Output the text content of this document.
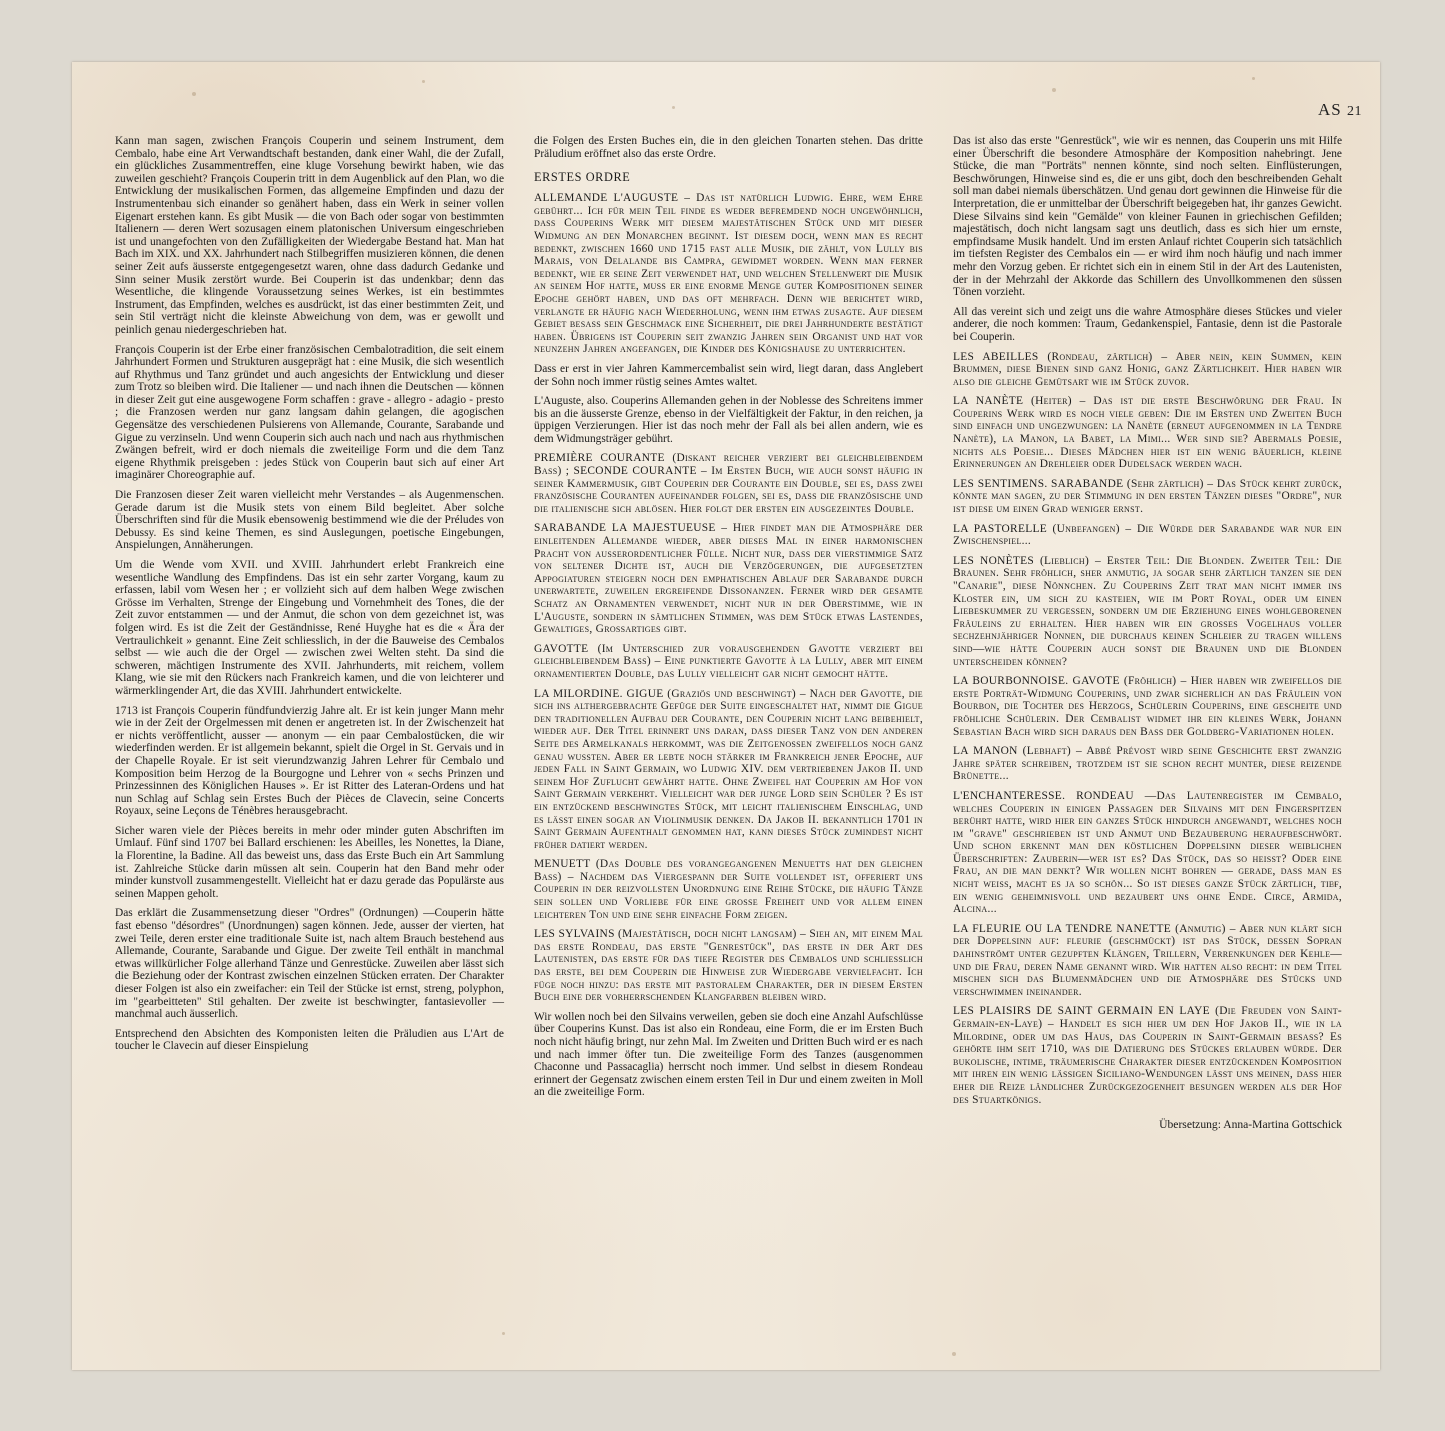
AS 21

Kann man sagen, zwischen François Couperin und seinem Instrument, dem Cembalo, habe eine Art Verwandtschaft bestanden, dank einer Wahl, die der Zufall, ein glückliches Zusammentreffen, eine kluge Vorsehung bewirkt haben, wie das zuweilen geschieht? François Couperin tritt in dem Augenblick auf den Plan, wo die Entwicklung der musikalischen Formen, das allgemeine Empfinden und dazu der Instrumentenbau sich einander so genähert haben, dass ein Werk in seiner vollen Eigenart erstehen kann. Es gibt Musik — die von Bach oder sogar von bestimmten Italienern — deren Wert sozusagen einem platonischen Universum eingeschrieben ist und unangefochten von den Zufälligkeiten der Wiedergabe Bestand hat. Man hat Bach im XIX. und XX. Jahrhundert nach Stilbegriffen musizieren können, die denen seiner Zeit aufs äusserste entgegengesetzt waren, ohne dass dadurch Gedanke und Sinn seiner Musik zerstört wurde. Bei Couperin ist das undenkbar; denn das Wesentliche, die klingende Voraussetzung seines Werkes, ist ein bestimmtes Instrument, das Empfinden, welches es ausdrückt, ist das einer bestimmten Zeit, und sein Stil verträgt nicht die kleinste Abweichung von dem, was er gewollt und peinlich genau niedergeschrieben hat.

François Couperin ist der Erbe einer französischen Cembalotradition, die seit einem Jahrhundert Formen und Strukturen ausgeprägt hat : eine Musik, die sich wesentlich auf Rhythmus und Tanz gründet und auch angesichts der Entwicklung und dieser zum Trotz so bleiben wird. Die Italiener — und nach ihnen die Deutschen — können in dieser Zeit gut eine ausgewogene Form schaffen : grave - allegro - adagio - presto ; die Franzosen werden nur ganz langsam dahin gelangen, die agogischen Gegensätze des verschiedenen Pulsierens von Allemande, Courante, Sarabande und Gigue zu verzinseln. Und wenn Couperin sich auch nach und nach aus rhythmischen Zwängen befreit, wird er doch niemals die zweiteilige Form und die dem Tanz eigene Rhythmik preisgeben : jedes Stück von Couperin baut sich auf einer Art imaginärer Choreographie auf.

Die Franzosen dieser Zeit waren vielleicht mehr Verstandes – als Augenmenschen. Gerade darum ist die Musik stets von einem Bild begleitet. Aber solche Überschriften sind für die Musik ebensowenig bestimmend wie die der Préludes von Debussy. Es sind keine Themen, es sind Auslegungen, poetische Eingebungen, Anspielungen, Annäherungen.

Um die Wende vom XVII. und XVIII. Jahrhundert erlebt Frankreich eine wesentliche Wandlung des Empfindens. Das ist ein sehr zarter Vorgang, kaum zu erfassen, labil vom Wesen her ; er vollzieht sich auf dem halben Wege zwischen Grösse im Verhalten, Strenge der Eingebung und Vornehmheit des Tones, die der Zeit zuvor entstammen — und der Anmut, die schon von dem gezeichnet ist, was folgen wird. Es ist die Zeit der Geständnisse, René Huyghe hat es die « Ära der Vertraulichkeit » genannt. Eine Zeit schliesslich, in der die Bauweise des Cembalos selbst — wie auch die der Orgel — zwischen zwei Welten steht. Da sind die schweren, mächtigen Instrumente des XVII. Jahrhunderts, mit reichem, vollem Klang, wie sie mit den Rückers nach Frankreich kamen, und die von leichterer und wärmerklingender Art, die das XVIII. Jahrhundert entwickelte.

1713 ist François Couperin fündfundvierzig Jahre alt. Er ist kein junger Mann mehr wie in der Zeit der Orgelmessen mit denen er angetreten ist. In der Zwischenzeit hat er nichts veröffentlicht, ausser — anonym — ein paar Cembalostücken, die wir wiederfinden werden. Er ist allgemein bekannt, spielt die Orgel in St. Gervais und in der Chapelle Royale. Er ist seit vierundzwanzig Jahren Lehrer für Cembalo und Komposition beim Herzog de la Bourgogne und Lehrer von « sechs Prinzen und Prinzessinnen des Königlichen Hauses ». Er ist Ritter des Lateran-Ordens und hat nun Schlag auf Schlag sein Erstes Buch der Pièces de Clavecin, seine Concerts Royaux, seine Leçons de Ténèbres herausgebracht.

Sicher waren viele der Pièces bereits in mehr oder minder guten Abschriften im Umlauf. Fünf sind 1707 bei Ballard erschienen: les Abeilles, les Nonettes, la Diane, la Florentine, la Badine. All das beweist uns, dass das Erste Buch ein Art Sammlung ist. Zahlreiche Stücke darin müssen alt sein. Couperin hat den Band mehr oder minder kunstvoll zusammengestellt. Vielleicht hat er dazu gerade das Populärste aus seinen Mappen geholt.

Das erklärt die Zusammensetzung dieser "Ordres" (Ordnungen) —Couperin hätte fast ebenso "désordres" (Unordnungen) sagen können. Jede, ausser der vierten, hat zwei Teile, deren erster eine traditionale Suite ist, nach altem Brauch bestehend aus Allemande, Courante, Sarabande und Gigue. Der zweite Teil enthält in manchmal etwas willkürlicher Folge allerhand Tänze und Genrestücke. Zuweilen aber lässt sich die Beziehung oder der Kontrast zwischen einzelnen Stücken erraten. Der Charakter dieser Folgen ist also ein zweifacher: ein Teil der Stücke ist ernst, streng, polyphon, im "gearbeitteten" Stil gehalten. Der zweite ist beschwingter, fantasievoller — manchmal auch äusserlich.

Entsprechend den Absichten des Komponisten leiten die Präludien aus L'Art de toucher le Clavecin auf dieser Einspielung

die Folgen des Ersten Buches ein, die in den gleichen Tonarten stehen. Das dritte Präludium eröffnet also das erste Ordre.

ERSTES ORDRE

ALLEMANDE L'AUGUSTE – Das ist natürlich Ludwig. Ehre, wem Ehre gebührt... Ich für mein Teil finde es weder befremdend noch ungewöhnlich, dass Couperins Werk mit diesem majestätischen Stück und mit dieser Widmung an den Monarchen beginnt. Ist diesem doch, wenn man es recht bedenkt, zwischen 1660 und 1715 fast alle Musik, die zählt, von Lully bis Marais, von Delalande bis Campra, gewidmet worden. Wenn man ferner bedenkt, wie er seine Zeit verwendet hat, und welchen Stellenwert die Musik an seinem Hof hatte, muss er eine enorme Menge guter Kompositionen seiner Epoche gehört haben, und das oft mehrfach. Denn wie berichtet wird, verlangte er häufig nach Wiederholung, wenn ihm etwas zusagte. Auf diesem Gebiet besass sein Geschmack eine Sicherheit, die drei Jahrhunderte bestätigt haben. Übrigens ist Couperin seit zwanzig Jahren sein Organist und hat vor neunzehn Jahren angefangen, die Kinder des Königshause zu unterrichten.

Dass er erst in vier Jahren Kammercembalist sein wird, liegt daran, dass Anglebert der Sohn noch immer rüstig seines Amtes waltet.

L'Auguste, also. Couperins Allemanden gehen in der Noblesse des Schreitens immer bis an die äusserste Grenze, ebenso in der Vielfältigkeit der Faktur, in den reichen, ja üppigen Verzierungen. Hier ist das noch mehr der Fall als bei allen andern, wie es dem Widmungsträger gebührt.

PREMIÈRE COURANTE (Diskant reicher verziert bei gleichbleibendem Bass) ; SECONDE COURANTE – Im Ersten Buch, wie auch sonst häufig in seiner Kammermusik, gibt Couperin der Courante ein Double, sei es, dass zwei französische Couranten aufeinander folgen, sei es, dass die französische und die italienische sich ablösen. Hier folgt der ersten ein ausgezeintes Double.

SARABANDE LA MAJESTUEUSE – Hier findet man die Atmosphäre der einleitenden Allemande wieder, aber dieses Mal in einer harmonischen Pracht von ausserordentlicher Fülle. Nicht nur, dass der vierstimmige Satz von seltener Dichte ist, auch die Verzögerungen, die aufgesetzten Appogiaturen steigern noch den emphatischen Ablauf der Sarabande durch unerwartete, zuweilen ergreifende Dissonanzen. Ferner wird der gesamte Schatz an Ornamenten verwendet, nicht nur in der Oberstimme, wie in L'Auguste, sondern in sämtlichen Stimmen, was dem Stück etwas Lastendes, Gewaltiges, Grossartiges gibt.

GAVOTTE (Im Unterschied zur vorausgehenden Gavotte verziert bei gleichbleibendem Bass) – Eine punktierte Gavotte à la Lully, aber mit einem ornamentierten Double, das Lully vielleicht gar nicht gemocht hätte.

LA MILORDINE. GIGUE (Graziös und beschwingt) – Nach der Gavotte, die sich ins althergebrachte Gefüge der Suite eingeschaltet hat, nimmt die Gigue den traditionellen Aufbau der Courante, den Couperin nicht lang beibehielt, wieder auf. Der Titel erinnert uns daran, dass dieser Tanz von den anderen Seite des Armelkanals herkommt, was die Zeitgenossen zweifellos noch ganz genau wussten. Aber er lebte noch stärker im Frankreich jener Epoche, auf jeden Fall in Saint Germain, wo Ludwig XIV. dem vertriebenen Jakob II. und seinem Hof Zuflucht gewährt hatte. Ohne Zweifel hat Couperin am Hof von Saint Germain verkehrt. Vielleicht war der junge Lord sein Schüler ? Es ist ein entzückend beschwingtes Stück, mit leicht italienischem Einschlag, und es lässt einen sogar an Violinmusik denken. Da Jakob II. bekanntlich 1701 in Saint Germain Aufenthalt genommen hat, kann dieses Stück zumindest nicht früher datiert werden.

MENUETT (Das Double des vorangegangenen Menuetts hat den gleichen Bass) – Nachdem das Viergespann der Suite vollendet ist, offeriert uns Couperin in der reizvollsten Unordnung eine Reihe Stücke, die häufig Tänze sein sollen und Vorliebe für eine grosse Freiheit und vor allem einen leichteren Ton und eine sehr einfache Form zeigen.

LES SYLVAINS (Majestätisch, doch nicht langsam) – Sieh an, mit einem Mal das erste Rondeau, das erste "Genrestück", das erste in der Art des Lautenisten, das erste für das tiefe Register des Cembalos und schliesslich das erste, bei dem Couperin die Hinweise zur Wiedergabe vervielfacht. Ich füge noch hinzu: das erste mit pastoralem Charakter, der in diesem Ersten Buch eine der vorherrschenden Klangfarben bleiben wird.

Wir wollen noch bei den Silvains verweilen, geben sie doch eine Anzahl Aufschlüsse über Couperins Kunst. Das ist also ein Rondeau, eine Form, die er im Ersten Buch noch nicht häufig bringt, nur zehn Mal. Im Zweiten und Dritten Buch wird er es nach und nach immer öfter tun. Die zweiteilige Form des Tanzes (ausgenommen Chaconne und Passacaglia) herrscht noch immer. Und selbst in diesem Rondeau erinnert der Gegensatz zwischen einem ersten Teil in Dur und einem zweiten in Moll an die zweiteilige Form.

Das ist also das erste "Genrestück", wie wir es nennen, das Couperin uns mit Hilfe einer Überschrift die besondere Atmosphäre der Komposition nahebringt. Jene Stücke, die man "Porträts" nennen könnte, sind noch selten. Einflüsterungen, Beschwörungen, Hinweise sind es, die er uns gibt, doch den beschreibenden Gehalt soll man dabei niemals überschätzen. Und genau dort gewinnen die Hinweise für die Interpretation, die er unmittelbar der Überschrift beigegeben hat, ihr ganzes Gewicht. Diese Silvains sind kein "Gemälde" von kleiner Faunen in griechischen Gefilden; majestätisch, doch nicht langsam sagt uns deutlich, dass es sich hier um ernste, empfindsame Musik handelt. Und im ersten Anlauf richtet Couperin sich tatsächlich im tiefsten Register des Cembalos ein — er wird ihm noch häufig und nach immer mehr den Vorzug geben. Er richtet sich ein in einem Stil in der Art des Lautenisten, der in der Mehrzahl der Akkorde das Schillern des Unvollkommenen den süssen Tönen vorzieht.

All das vereint sich und zeigt uns die wahre Atmosphäre dieses Stückes und vieler anderer, die noch kommen: Traum, Gedankenspiel, Fantasie, denn ist die Pastorale bei Couperin.

LES ABEILLES (Rondeau, zärtlich) – Aber nein, kein Summen, kein Brummen, diese Bienen sind ganz Honig, ganz Zärtlichkeit. Hier haben wir also die gleiche Gemütsart wie im Stück zuvor.

LA NANÈTE (Heiter) – Das ist die erste Beschwörung der Frau. In Couperins Werk wird es noch viele geben: Die im Ersten und Zweiten Buch sind einfach und ungezwungen: la Nanète (erneut aufgenommen in la Tendre Nanète), la Manon, la Babet, la Mimi... Wer sind sie? Abermals Poesie, nichts als Poesie... Dieses Mädchen hier ist ein wenig bäuerlich, kleine Erinnerungen an Drehleier oder Dudelsack werden wach.

LES SENTIMENS. SARABANDE (Sehr zärtlich) – Das Stück kehrt zurück, könnte man sagen, zu der Stimmung in den ersten Tänzen dieses "Ordre", nur ist diese um einen Grad weniger ernst.

LA PASTORELLE (Unbefangen) – Die Würde der Sarabande war nur ein Zwischenspiel...

LES NONÈTES (Lieblich) – Erster Teil: Die Blonden. Zweiter Teil: Die Braunen. Sehr fröhlich, sher anmutig, ja sogar sehr zärtlich tanzen sie den "Canarie", diese Nönnchen. Zu Couperins Zeit trat man nicht immer ins Kloster ein, um sich zu kasteien, wie im Port Royal, oder um einen Liebeskummer zu vergessen, sondern um die Erziehung eines wohlgeborenen Fräuleins zu erhalten. Hier haben wir ein grosses Vogelhaus voller sechzehnjähriger Nonnen, die durchaus keinen Schleier zu tragen willens sind—wie hätte Couperin auch sonst die Braunen und die Blonden unterscheiden können?

LA BOURBONNOISE. GAVOTE (Fröhlich) – Hier haben wir zweifellos die erste Porträt-Widmung Couperins, und zwar sicherlich an das Fräulein von Bourbon, die Tochter des Herzogs, Schülerin Couperins, eine gescheite und fröhliche Schülerin. Der Cembalist widmet ihr ein kleines Werk, Johann Sebastian Bach wird sich daraus den Bass der Goldberg-Variationen holen.

LA MANON (Lebhaft) – Abbé Prévost wird seine Geschichte erst zwanzig Jahre später schreiben, trotzdem ist sie schon recht munter, diese reizende Brünette...

L'ENCHANTERESSE. RONDEAU —Das Lautenregister im Cembalo, welches Couperin in einigen Passagen der Silvains mit den Fingerspitzen berührt hatte, wird hier ein ganzes Stück hindurch angewandt, welches noch im "grave" geschrieben ist und Anmut und Bezauberung heraufbeschwört. Und schon erkennt man den köstlichen Doppelsinn dieser weiblichen Überschriften: Zauberin—wer ist es? Das Stück, das so heisst? Oder eine Frau, an die man denkt? Wir wollen nicht bohren — gerade, dass man es nicht weiss, macht es ja so schön... So ist dieses ganze Stück zärtlich, tief, ein wenig geheimnisvoll und bezaubert uns ohne Ende. Circe, Armida, Alcina...

LA FLEURIE OU LA TENDRE NANETTE (Anmutig) – Aber nun klärt sich der Doppelsinn auf: fleurie (geschmückt) ist das Stück, dessen Sopran dahinströmt unter gezupften Klängen, Trillern, Verrenkungen der Kehle—und die Frau, deren Name genannt wird. Wir hatten also recht: in dem Titel mischen sich das Blumenmädchen und die Atmosphäre des Stücks und verschwimmen ineinander.

LES PLAISIRS DE SAINT GERMAIN EN LAYE (Die Freuden von Saint-Germain-en-Laye) – Handelt es sich hier um den Hof Jakob II., wie in la Milordine, oder um das Haus, das Couperin in Saint-Germain besass? Es gehörte ihm seit 1710, was die Datierung des Stückes erlauben würde. Der bukolische, intime, träumerische Charakter dieser entzückenden Komposition mit ihren ein wenig lässigen Siciliano-Wendungen lässt uns meinen, dass hier eher die Reize ländlicher Zurückgezogenheit besungen werden als der Hof des Stuartkönigs.

Übersetzung: Anna-Martina Gottschick
